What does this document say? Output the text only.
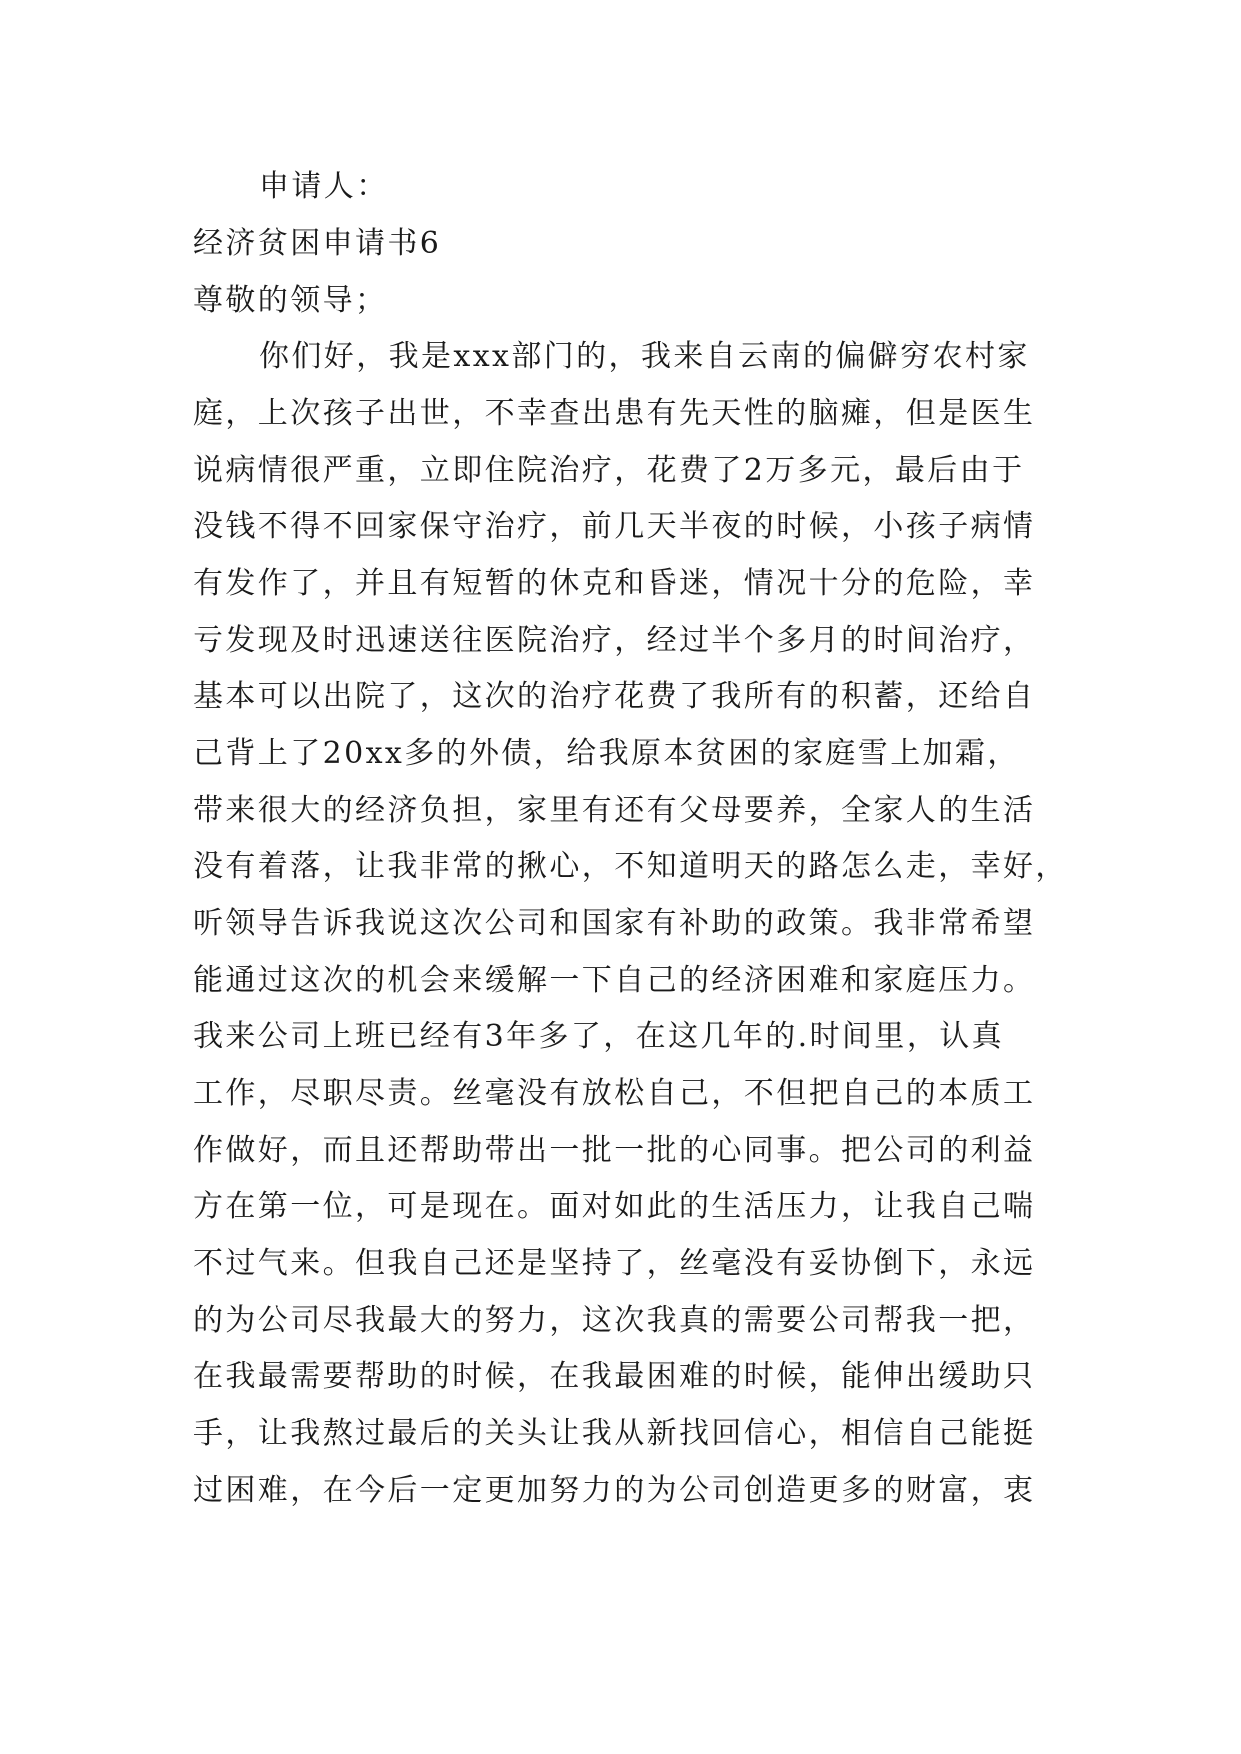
申请人：
经济贫困申请书6
尊敬的领导；
你们好，我是xxx部门的，我来自云南的偏僻穷农村家
庭，上次孩子出世，不幸查出患有先天性的脑瘫，但是医生
说病情很严重，立即住院治疗，花费了2万多元，最后由于
没钱不得不回家保守治疗，前几天半夜的时候，小孩子病情
有发作了，并且有短暂的休克和昏迷，情况十分的危险，幸
亏发现及时迅速送往医院治疗，经过半个多月的时间治疗，
基本可以出院了，这次的治疗花费了我所有的积蓄，还给自
己背上了20xx多的外债，给我原本贫困的家庭雪上加霜，
带来很大的经济负担，家里有还有父母要养，全家人的生活
没有着落，让我非常的揪心，不知道明天的路怎么走，幸好，
听领导告诉我说这次公司和国家有补助的政策。我非常希望
能通过这次的机会来缓解一下自己的经济困难和家庭压力。
我来公司上班已经有3年多了，在这几年的.时间里，认真
工作，尽职尽责。丝毫没有放松自己，不但把自己的本质工
作做好，而且还帮助带出一批一批的心同事。把公司的利益
方在第一位，可是现在。面对如此的生活压力，让我自己喘
不过气来。但我自己还是坚持了，丝毫没有妥协倒下，永远
的为公司尽我最大的努力，这次我真的需要公司帮我一把，
在我最需要帮助的时候，在我最困难的时候，能伸出缓助只
手，让我熬过最后的关头让我从新找回信心，相信自己能挺
过困难，在今后一定更加努力的为公司创造更多的财富，衷
